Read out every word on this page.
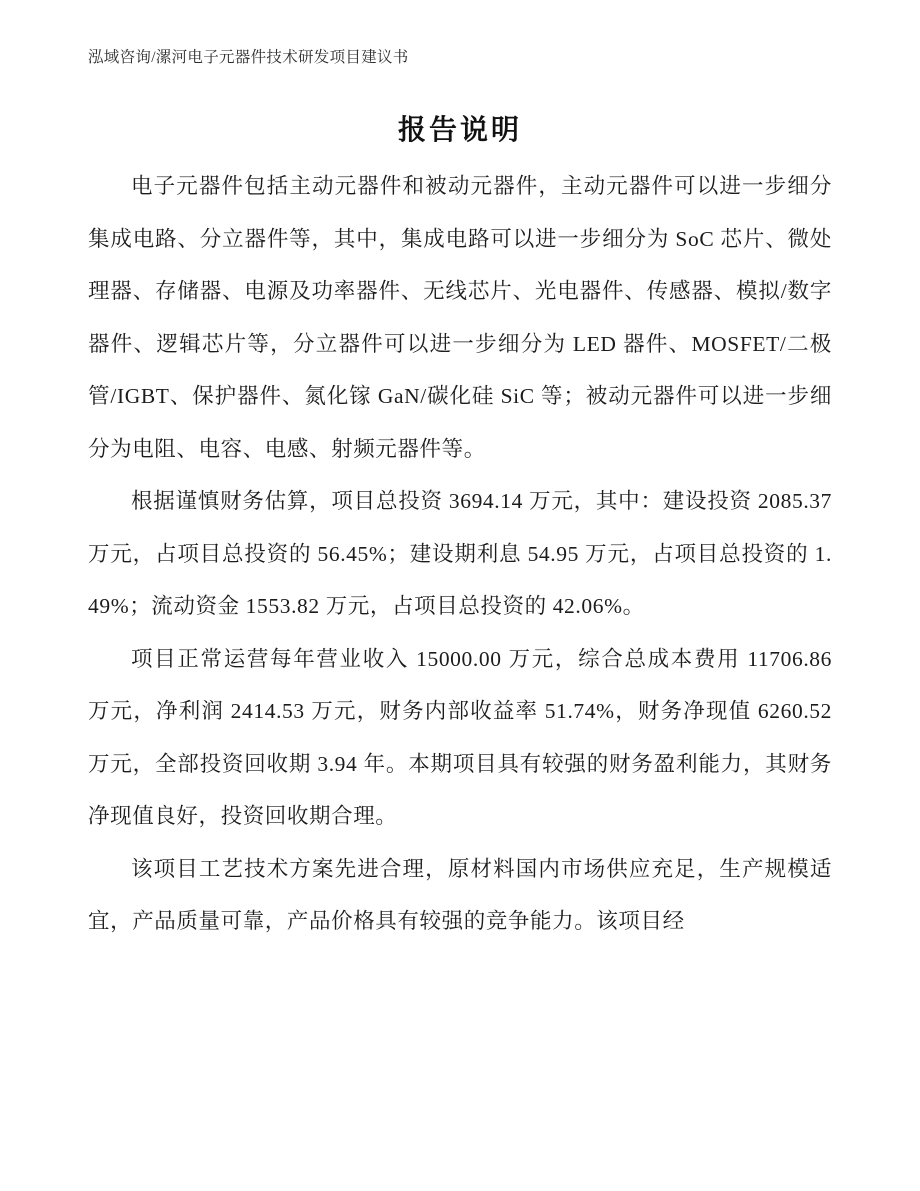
泓域咨询/漯河电子元器件技术研发项目建议书
报告说明

电子元器件包括主动元器件和被动元器件，主动元器件可以进一步细分集成电路、分立器件等，其中，集成电路可以进一步细分为 SoC 芯片、微处理器、存储器、电源及功率器件、无线芯片、光电器件、传感器、模拟/数字器件、逻辑芯片等，分立器件可以进一步细分为 LED 器件、MOSFET/二极管/IGBT、保护器件、氮化镓 GaN/碳化硅 SiC 等；被动元器件可以进一步细分为电阻、电容、电感、射频元器件等。

根据谨慎财务估算，项目总投资 3694.14 万元，其中：建设投资 2085.37 万元，占项目总投资的 56.45%；建设期利息 54.95 万元，占项目总投资的 1.49%；流动资金 1553.82 万元，占项目总投资的 42.06%。

项目正常运营每年营业收入 15000.00 万元，综合总成本费用 11706.86 万元，净利润 2414.53 万元，财务内部收益率 51.74%，财务净现值 6260.52 万元，全部投资回收期 3.94 年。本期项目具有较强的财务盈利能力，其财务净现值良好，投资回收期合理。

该项目工艺技术方案先进合理，原材料国内市场供应充足，生产规模适宜，产品质量可靠，产品价格具有较强的竞争能力。该项目经
